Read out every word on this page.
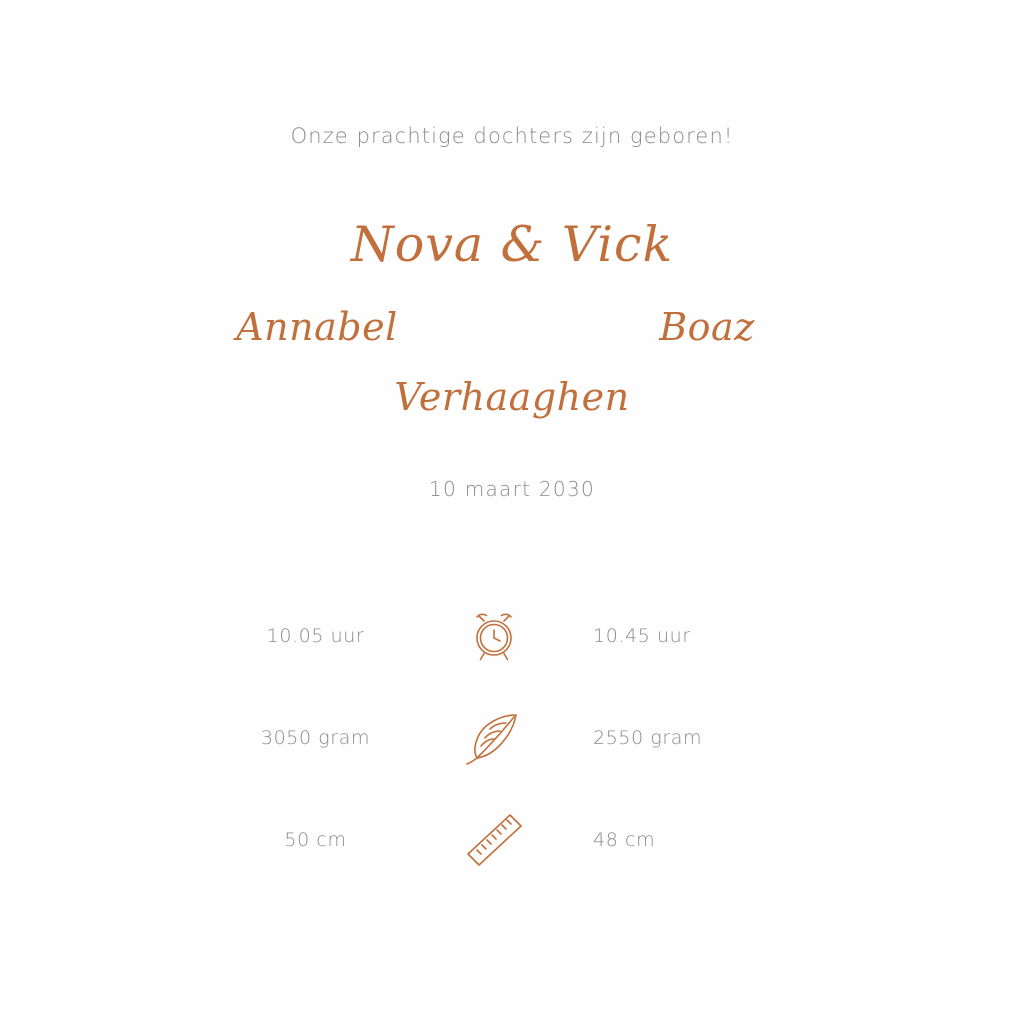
Onze prachtige dochters zijn geboren!
Nova & Vick
Annabel	Boaz
Verhaaghen
10 maart 2030
10.05 uur	10.45 uur
3050 gram	2550 gram
50 cm	48 cm
